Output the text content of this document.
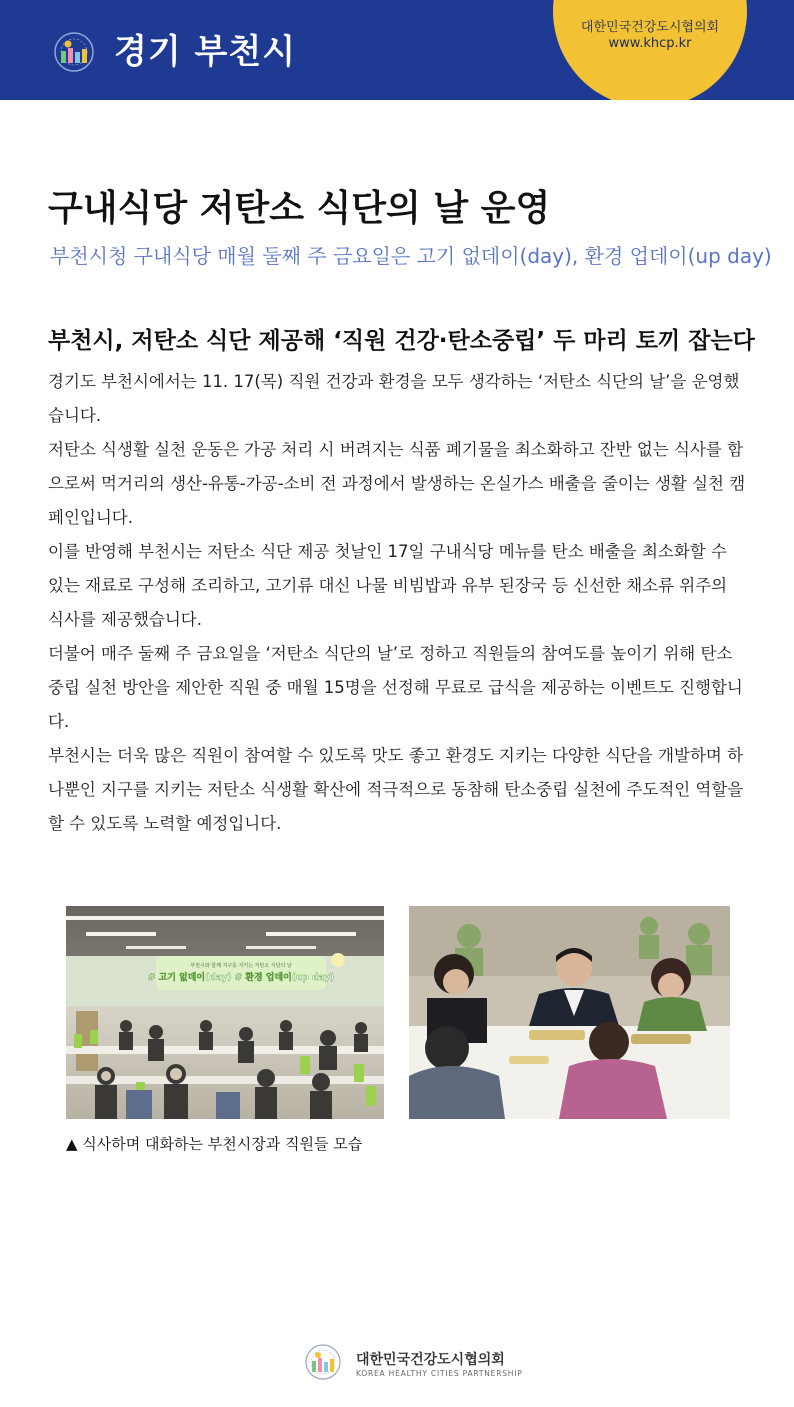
경기 부천시
대한민국건강도시협의회
www.khcp.kr
구내식당 저탄소 식단의 날 운영
부천시청 구내식당 매월 둘째 주 금요일은 고기 없데이(day), 환경 업데이(up day)
부천시, 저탄소 식단 제공해 ‘직원 건강·탄소중립’ 두 마리 토끼 잡는다

경기도 부천시에서는 11. 17(목) 직원 건강과 환경을 모두 생각하는 ‘저탄소 식단의 날’을 운영했습니다.

저탄소 식생활 실천 운동은 가공 처리 시 버려지는 식품 폐기물을 최소화하고 잔반 없는 식사를 함으로써 먹거리의 생산-유통-가공-소비 전 과정에서 발생하는 온실가스 배출을 줄이는 생활 실천 캠페인입니다.

이를 반영해 부천시는 저탄소 식단 제공 첫날인 17일 구내식당 메뉴를 탄소 배출을 최소화할 수 있는 재료로 구성해 조리하고, 고기류 대신 나물 비빔밥과 유부 된장국 등 신선한 채소류 위주의 식사를 제공했습니다.

더불어 매주 둘째 주 금요일을 ‘저탄소 식단의 날’로 정하고 직원들의 참여도를 높이기 위해 탄소중립 실천 방안을 제안한 직원 중 매월 15명을 선정해 무료로 급식을 제공하는 이벤트도 진행합니다.

부천시는 더욱 많은 직원이 참여할 수 있도록 맛도 좋고 환경도 지키는 다양한 식단을 개발하며 하나뿐인 지구를 지키는 저탄소 식생활 확산에 적극적으로 동참해 탄소중립 실천에 주도적인 역할을 할 수 있도록 노력할 예정입니다.

부천시와 함께 지구를 지키는 저탄소 식단의 날
# 고기 없데이(day) # 환경 업데이(up day)
▲ 식사하며 대화하는 부천시장과 직원들 모습
대한민국건강도시협의회
KOREA HEALTHY CITIES PARTNERSHIP
